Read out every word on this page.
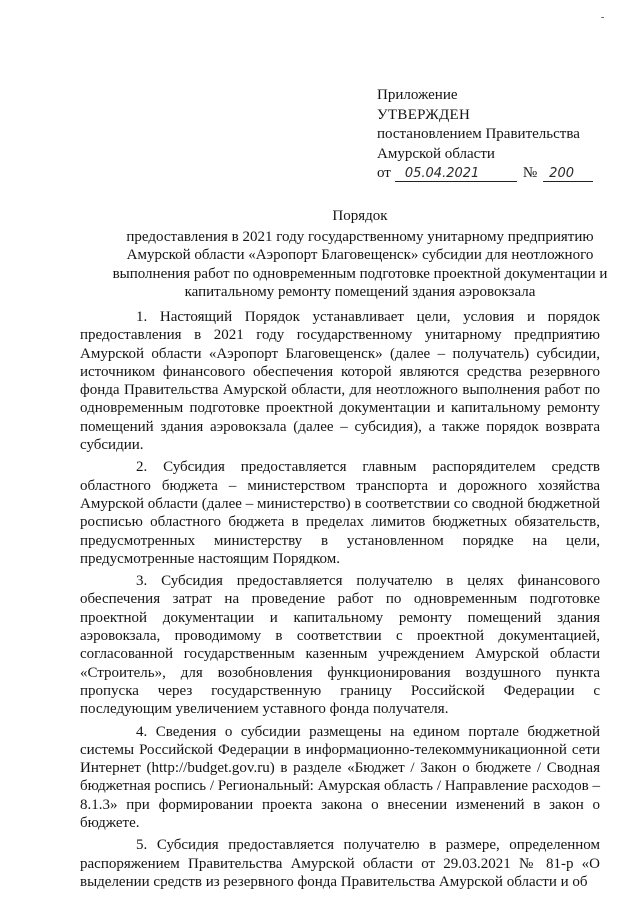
-
Приложение
УТВЕРЖДЕН
постановлением Правительства
Амурской области
от	05.04.2021	№ 200
Порядок
предоставления в 2021 году государственному унитарному предприятию Амурской области «Аэропорт Благовещенск» субсидии для неотложного выполнения работ по одновременным подготовке проектной документации и капитальному ремонту помещений здания аэровокзала

1. Настоящий Порядок устанавливает цели, условия и порядок предоставления в 2021 году государственному унитарному предприятию Амурской области «Аэропорт Благовещенск» (далее – получатель) субсидии, источником финансового обеспечения которой являются средства резервного фонда Правительства Амурской области, для неотложного выполнения работ по одновременным подготовке проектной документации и капитальному ремонту помещений здания аэровокзала (далее – субсидия), а также порядок возврата субсидии.

2. Субсидия предоставляется главным распорядителем средств областного бюджета – министерством транспорта и дорожного хозяйства Амурской области (далее – министерство) в соответствии со сводной бюджетной росписью областного бюджета в пределах лимитов бюджетных обязательств, предусмотренных министерству в установленном порядке на цели, предусмотренные настоящим Порядком.

3. Субсидия предоставляется получателю в целях финансового обеспечения затрат на проведение работ по одновременным подготовке проектной документации и капитальному ремонту помещений здания аэровокзала, проводимому в соответствии с проектной документацией, согласованной государственным казенным учреждением Амурской области «Строитель», для возобновления функционирования воздушного пункта пропуска через государственную границу Российской Федерации с последующим увеличением уставного фонда получателя.

4. Сведения о субсидии размещены на едином портале бюджетной системы Российской Федерации в информационно-телекоммуникационной сети Интернет (http://budget.gov.ru) в разделе «Бюджет / Закон о бюджете / Сводная бюджетная роспись / Региональный: Амурская область / Направление расходов – 8.1.3» при формировании проекта закона о внесении изменений в закон о бюджете.

5. Субсидия предоставляется получателю в размере, определенном распоряжением Правительства Амурской области от 29.03.2021 № 81-р «О выделении средств из резервного фонда Правительства Амурской области и об
